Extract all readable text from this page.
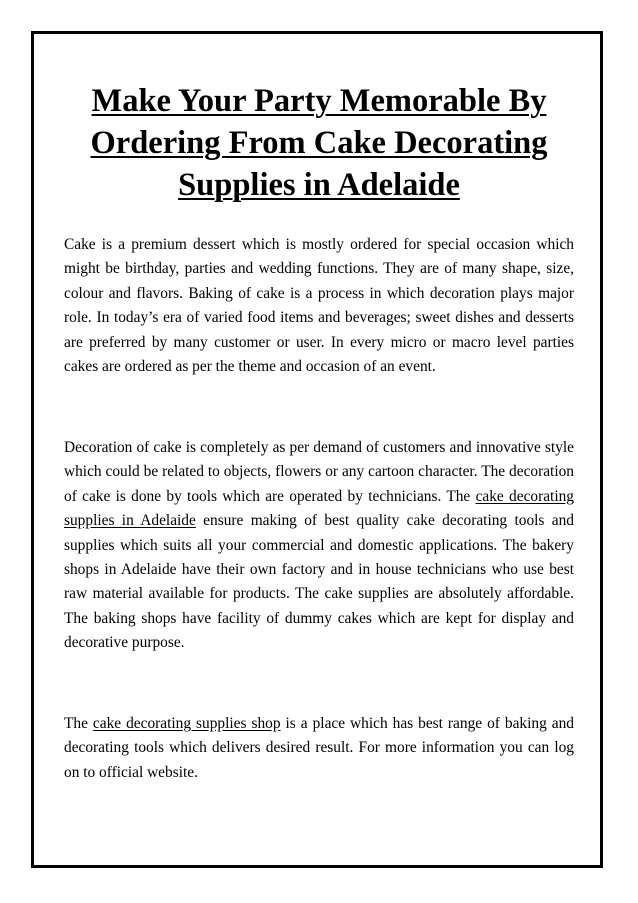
Make Your Party Memorable By Ordering From Cake Decorating Supplies in Adelaide

Cake is a premium dessert which is mostly ordered for special occasion which might be birthday, parties and wedding functions. They are of many shape, size, colour and flavors. Baking of cake is a process in which decoration plays major role. In today’s era of varied food items and beverages; sweet dishes and desserts are preferred by many customer or user. In every micro or macro level parties cakes are ordered as per the theme and occasion of an event.

Decoration of cake is completely as per demand of customers and innovative style which could be related to objects, flowers or any cartoon character. The decoration of cake is done by tools which are operated by technicians. The cake decorating supplies in Adelaide ensure making of best quality cake decorating tools and supplies which suits all your commercial and domestic applications. The bakery shops in Adelaide have their own factory and in house technicians who use best raw material available for products. The cake supplies are absolutely affordable. The baking shops have facility of dummy cakes which are kept for display and decorative purpose.

The cake decorating supplies shop is a place which has best range of baking and decorating tools which delivers desired result. For more information you can log on to official website.
